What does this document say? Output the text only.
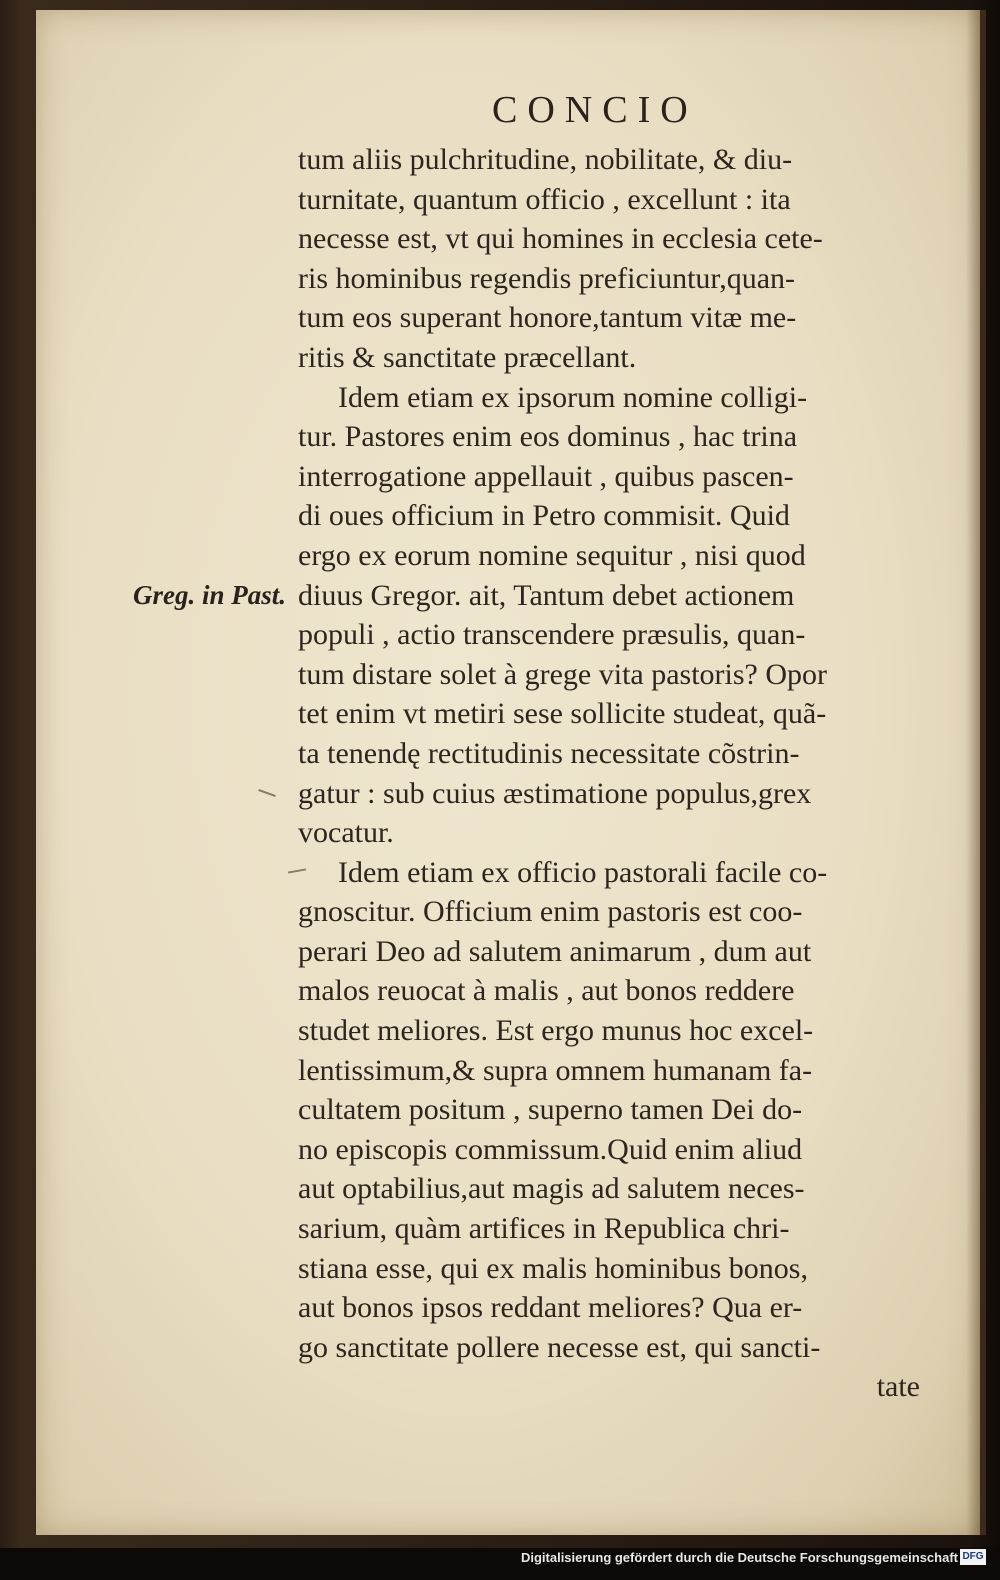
CONCIO
Greg. in Past.
tum aliis pulchritudine, nobilitate, & diu-
turnitate, quantum officio , excellunt : ita
necesse est, vt qui homines in ecclesia cete-
ris hominibus regendis preficiuntur,quan-
tum eos superant honore,tantum vitæ me-
ritis & sanctitate præcellant.
Idem etiam ex ipsorum nomine colligi-
tur. Pastores enim eos dominus , hac trina
interrogatione appellauit , quibus pascen-
di oues officium in Petro commisit. Quid
ergo ex eorum nomine sequitur , nisi quod
diuus Gregor. ait, Tantum debet actionem
populi , actio transcendere præsulis, quan-
tum distare solet à grege vita pastoris? Opor
tet enim vt metiri sese sollicite studeat, quã-
ta tenendę rectitudinis necessitate cõstrin-
gatur : sub cuius æstimatione populus,grex
vocatur.
Idem etiam ex officio pastorali facile co-
gnoscitur. Officium enim pastoris est coo-
perari Deo ad salutem animarum , dum aut
malos reuocat à malis , aut bonos reddere
studet meliores. Est ergo munus hoc excel-
lentissimum,& supra omnem humanam fa-
cultatem positum , superno tamen Dei do-
no episcopis commissum.Quid enim aliud
aut optabilius,aut magis ad salutem neces-
sarium, quàm artifices in Republica chri-
stiana esse, qui ex malis hominibus bonos,
aut bonos ipsos reddant meliores? Qua er-
go sanctitate pollere necesse est, qui sancti-
tate
Digitalisierung gefördert durch die Deutsche Forschungsgemeinschaft DFG
